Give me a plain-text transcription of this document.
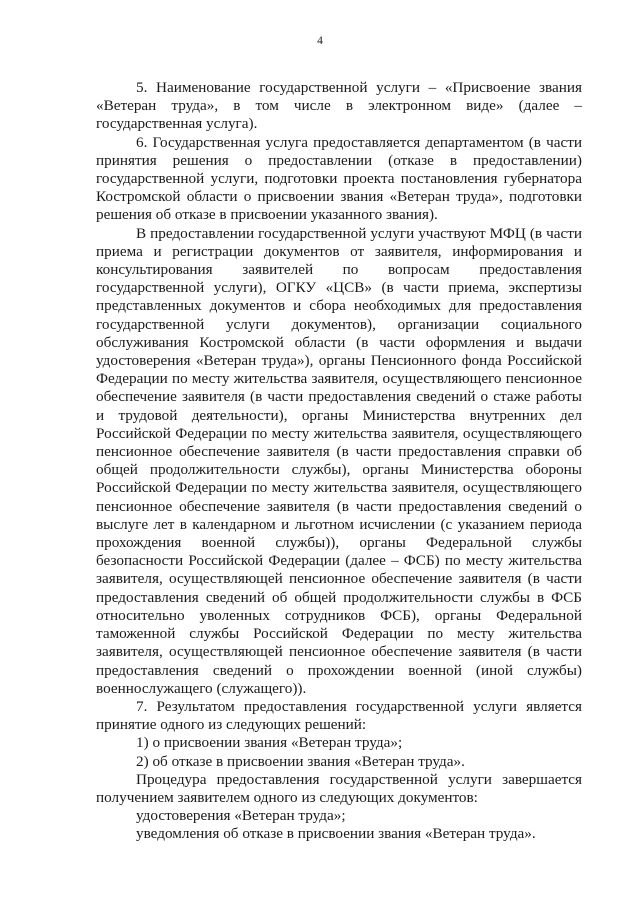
4

5. Наименование государственной услуги – «Присвоение звания «Ветеран труда», в том числе в электронном виде» (далее – государственная услуга).

6. Государственная услуга предоставляется департаментом (в части принятия решения о предоставлении (отказе в предоставлении) государственной услуги, подготовки проекта постановления губернатора Костромской области о присвоении звания «Ветеран труда», подготовки решения об отказе в присвоении указанного звания).

В предоставлении государственной услуги участвуют МФЦ (в части приема и регистрации документов от заявителя, информирования и консультирования заявителей по вопросам предоставления государственной услуги), ОГКУ «ЦСВ» (в части приема, экспертизы представленных документов и сбора необходимых для предоставления государственной услуги документов), организации социального обслуживания Костромской области (в части оформления и выдачи удостоверения «Ветеран труда»), органы Пенсионного фонда Российской Федерации по месту жительства заявителя, осуществляющего пенсионное обеспечение заявителя (в части предоставления сведений о стаже работы и трудовой деятельности), органы Министерства внутренних дел Российской Федерации по месту жительства заявителя, осуществляющего пенсионное обеспечение заявителя (в части предоставления справки об общей продолжительности службы), органы Министерства обороны Российской Федерации по месту жительства заявителя, осуществляющего пенсионное обеспечение заявителя (в части предоставления сведений о выслуге лет в календарном и льготном исчислении (с указанием периода прохождения военной службы)), органы Федеральной службы безопасности Российской Федерации (далее – ФСБ) по месту жительства заявителя, осуществляющей пенсионное обеспечение заявителя (в части предоставления сведений об общей продолжительности службы в ФСБ относительно уволенных сотрудников ФСБ), органы Федеральной таможенной службы Российской Федерации по месту жительства заявителя, осуществляющей пенсионное обеспечение заявителя (в части предоставления сведений о прохождении военной (иной службы) военнослужащего (служащего)).

7. Результатом предоставления государственной услуги является принятие одного из следующих решений:

1) о присвоении звания «Ветеран труда»;

2) об отказе в присвоении звания «Ветеран труда».

Процедура предоставления государственной услуги завершается получением заявителем одного из следующих документов:

удостоверения «Ветеран труда»;

уведомления об отказе в присвоении звания «Ветеран труда».
